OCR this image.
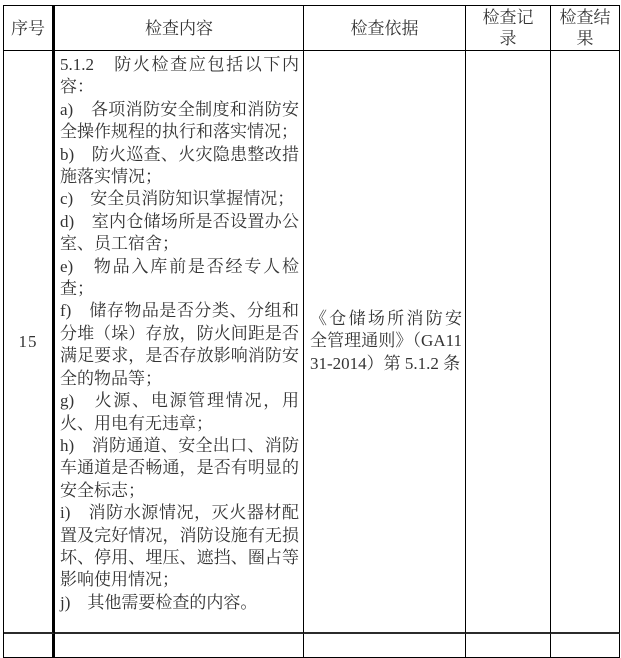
序号	检查内容	检查依据
检查记录
检查结果
15

5.1.2　防火检查应包括以下内容：

a)　各项消防安全制度和消防安全操作规程的执行和落实情况；

b)　防火巡查、火灾隐患整改措施落实情况；

c)　安全员消防知识掌握情况；

d)　室内仓储场所是否设置办公室、员工宿舍；

e)　物品入库前是否经专人检查；

f)　储存物品是否分类、分组和分堆（垛）存放，防火间距是否满足要求，是否存放影响消防安全的物品等；

g)　火源、电源管理情况，用火、用电有无违章；

h)　消防通道、安全出口、消防车通道是否畅通，是否有明显的安全标志；

i)　消防水源情况，灭火器材配置及完好情况，消防设施有无损坏、停用、埋压、遮挡、圈占等影响使用情况；

j)　其他需要检查的内容。

《仓储场所消防安全管理通则》（GA1131-2014）第 5.1.2 条
